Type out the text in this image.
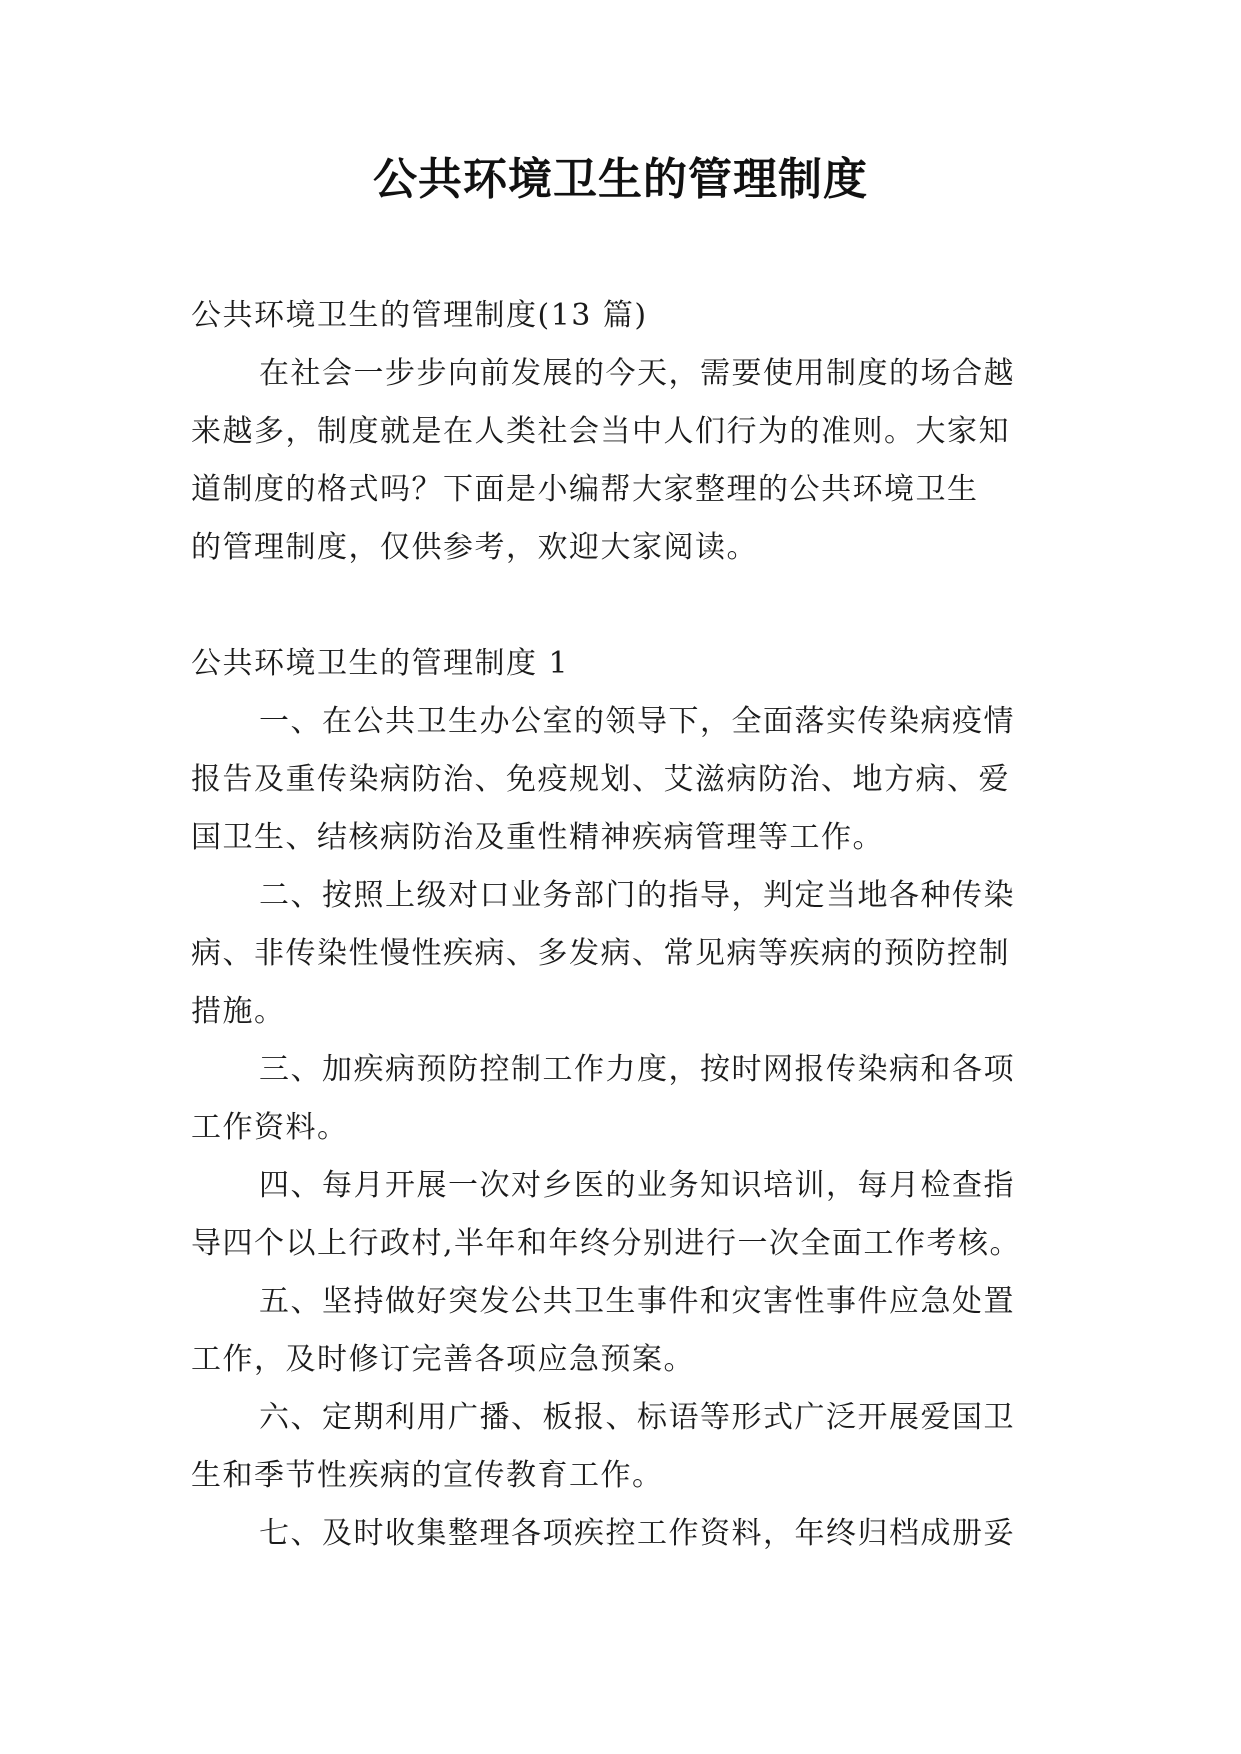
公共环境卫生的管理制度
公共环境卫生的管理制度(13 篇)
在社会一步步向前发展的今天，需要使用制度的场合越
来越多，制度就是在人类社会当中人们行为的准则。大家知
道制度的格式吗？下面是小编帮大家整理的公共环境卫生
的管理制度，仅供参考，欢迎大家阅读。
公共环境卫生的管理制度 1
一、在公共卫生办公室的领导下，全面落实传染病疫情
报告及重传染病防治、免疫规划、艾滋病防治、地方病、爱
国卫生、结核病防治及重性精神疾病管理等工作。
二、按照上级对口业务部门的指导，判定当地各种传染
病、非传染性慢性疾病、多发病、常见病等疾病的预防控制
措施。
三、加疾病预防控制工作力度，按时网报传染病和各项
工作资料。
四、每月开展一次对乡医的业务知识培训，每月检查指
导四个以上行政村,半年和年终分别进行一次全面工作考核。
五、坚持做好突发公共卫生事件和灾害性事件应急处置
工作，及时修订完善各项应急预案。
六、定期利用广播、板报、标语等形式广泛开展爱国卫
生和季节性疾病的宣传教育工作。
七、及时收集整理各项疾控工作资料，年终归档成册妥
